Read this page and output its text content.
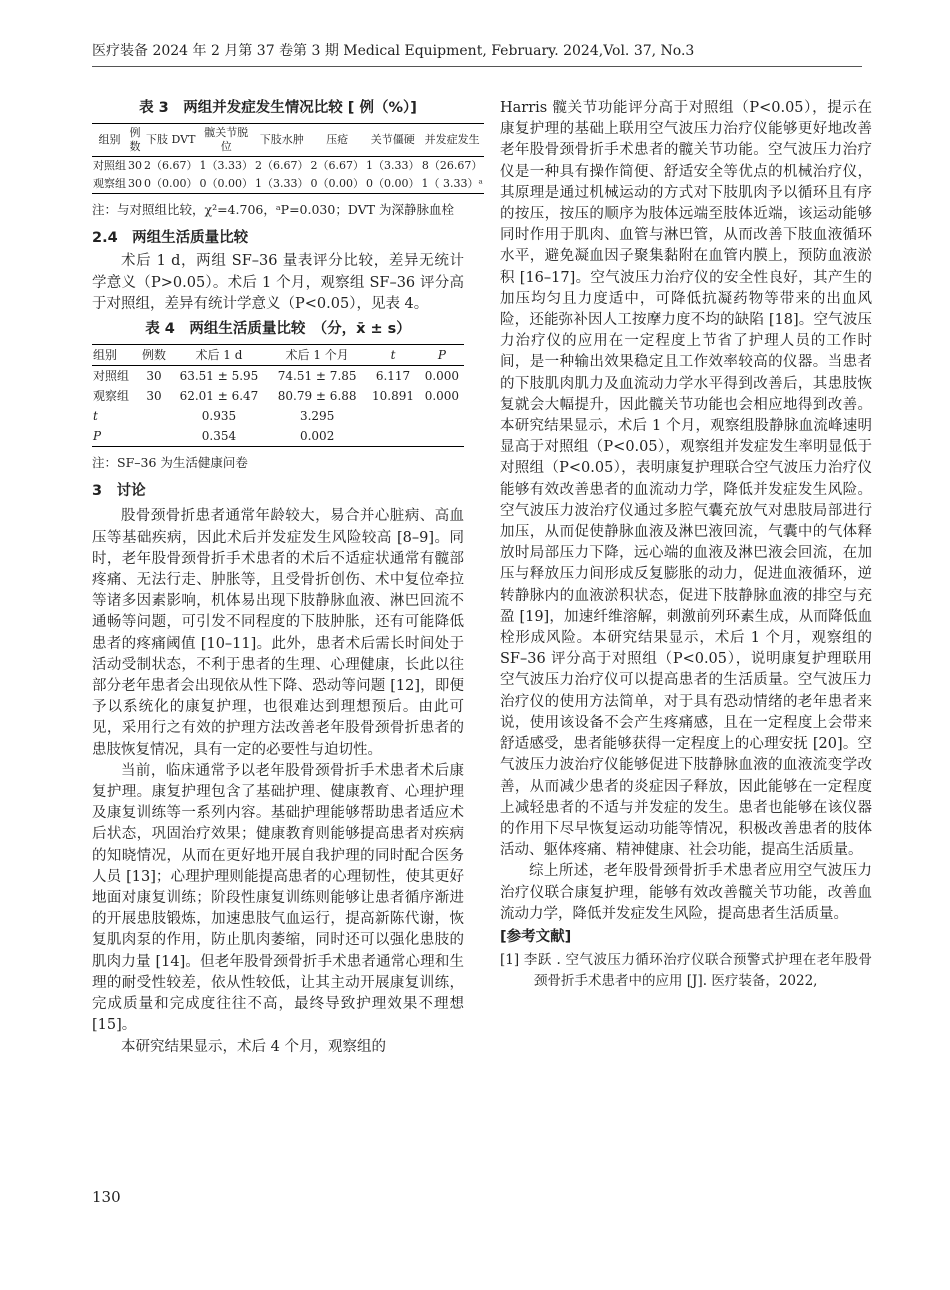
医疗装备 2024 年 2 月第 37 卷第 3 期 Medical Equipment, February. 2024,Vol. 37, No.3
表 3　两组并发症发生情况比较 [ 例（%）]
组别	例数	下肢 DVT	髋关节脱位	下肢水肿	压疮	关节僵硬	并发症发生
对照组	30	2（6.67）	1（3.33）	2（6.67）	2（6.67）	1（3.33）	8（26.67）
观察组	30	0（0.00）	0（0.00）	1（3.33）	0（0.00）	0（0.00）	1（ 3.33）ᵃ
注：与对照组比较，χ²=4.706，ᵃP=0.030；DVT 为深静脉血栓
2.4　两组生活质量比较

术后 1 d，两组 SF–36 量表评分比较，差异无统计学意义（P>0.05）。术后 1 个月，观察组 SF–36 评分高于对照组，差异有统计学意义（P<0.05），见表 4。

表 4　两组生活质量比较　（分，x̄ ± s）
组别	例数	术后 1 d	术后 1 个月	t	P
对照组	30	63.51 ± 5.95	74.51 ± 7.85	6.117	0.000
观察组	30	62.01 ± 6.47	80.79 ± 6.88	10.891	0.000
t		0.935	3.295		
P		0.354	0.002		
注：SF–36 为生活健康问卷
3　讨论

股骨颈骨折患者通常年龄较大，易合并心脏病、高血压等基础疾病，因此术后并发症发生风险较高 [8–9]。同时，老年股骨颈骨折手术患者的术后不适症状通常有髋部疼痛、无法行走、肿胀等，且受骨折创伤、术中复位牵拉等诸多因素影响，机体易出现下肢静脉血液、淋巴回流不通畅等问题，可引发不同程度的下肢肿胀，还有可能降低患者的疼痛阈值 [10–11]。此外，患者术后需长时间处于活动受制状态，不利于患者的生理、心理健康，长此以往部分老年患者会出现依从性下降、恐动等问题 [12]，即便予以系统化的康复护理，也很难达到理想预后。由此可见，采用行之有效的护理方法改善老年股骨颈骨折患者的患肢恢复情况，具有一定的必要性与迫切性。

当前，临床通常予以老年股骨颈骨折手术患者术后康复护理。康复护理包含了基础护理、健康教育、心理护理及康复训练等一系列内容。基础护理能够帮助患者适应术后状态，巩固治疗效果；健康教育则能够提高患者对疾病的知晓情况，从而在更好地开展自我护理的同时配合医务人员 [13]；心理护理则能提高患者的心理韧性，使其更好地面对康复训练；阶段性康复训练则能够让患者循序渐进的开展患肢锻炼，加速患肢气血运行，提高新陈代谢，恢复肌肉泵的作用，防止肌肉萎缩，同时还可以强化患肢的肌肉力量 [14]。但老年股骨颈骨折手术患者通常心理和生理的耐受性较差，依从性较低，让其主动开展康复训练，完成质量和完成度往往不高，最终导致护理效果不理想 [15]。

本研究结果显示，术后 4 个月，观察组的

Harris 髋关节功能评分高于对照组（P<0.05），提示在康复护理的基础上联用空气波压力治疗仪能够更好地改善老年股骨颈骨折手术患者的髋关节功能。空气波压力治疗仪是一种具有操作简便、舒适安全等优点的机械治疗仪，其原理是通过机械运动的方式对下肢肌肉予以循环且有序的按压，按压的顺序为肢体远端至肢体近端，该运动能够同时作用于肌肉、血管与淋巴管，从而改善下肢血液循环水平，避免凝血因子聚集黏附在血管内膜上，预防血液淤积 [16–17]。空气波压力治疗仪的安全性良好，其产生的加压均匀且力度适中，可降低抗凝药物等带来的出血风险，还能弥补因人工按摩力度不均的缺陷 [18]。空气波压力治疗仪的应用在一定程度上节省了护理人员的工作时间，是一种输出效果稳定且工作效率较高的仪器。当患者的下肢肌肉肌力及血流动力学水平得到改善后，其患肢恢复就会大幅提升，因此髋关节功能也会相应地得到改善。本研究结果显示，术后 1 个月，观察组股静脉血流峰速明显高于对照组（P<0.05），观察组并发症发生率明显低于对照组（P<0.05），表明康复护理联合空气波压力治疗仪能够有效改善患者的血流动力学，降低并发症发生风险。空气波压力波治疗仪通过多腔气囊充放气对患肢局部进行加压，从而促使静脉血液及淋巴液回流，气囊中的气体释放时局部压力下降，远心端的血液及淋巴液会回流，在加压与释放压力间形成反复膨胀的动力，促进血液循环，逆转静脉内的血液淤积状态，促进下肢静脉血液的排空与充盈 [19]，加速纤维溶解，刺激前列环素生成，从而降低血栓形成风险。本研究结果显示，术后 1 个月，观察组的 SF–36 评分高于对照组（P<0.05），说明康复护理联用空气波压力治疗仪可以提高患者的生活质量。空气波压力治疗仪的使用方法简单，对于具有恐动情绪的老年患者来说，使用该设备不会产生疼痛感，且在一定程度上会带来舒适感受，患者能够获得一定程度上的心理安抚 [20]。空气波压力波治疗仪能够促进下肢静脉血液的血液流变学改善，从而减少患者的炎症因子释放，因此能够在一定程度上减轻患者的不适与并发症的发生。患者也能够在该仪器的作用下尽早恢复运动功能等情况，积极改善患者的肢体活动、躯体疼痛、精神健康、社会功能，提高生活质量。

综上所述，老年股骨颈骨折手术患者应用空气波压力治疗仪联合康复护理，能够有效改善髋关节功能，改善血流动力学，降低并发症发生风险，提高患者生活质量。

[参考文献]

[1] 李跃 . 空气波压力循环治疗仪联合预警式护理在老年股骨颈骨折手术患者中的应用 [J]. 医疗装备，2022,

130
